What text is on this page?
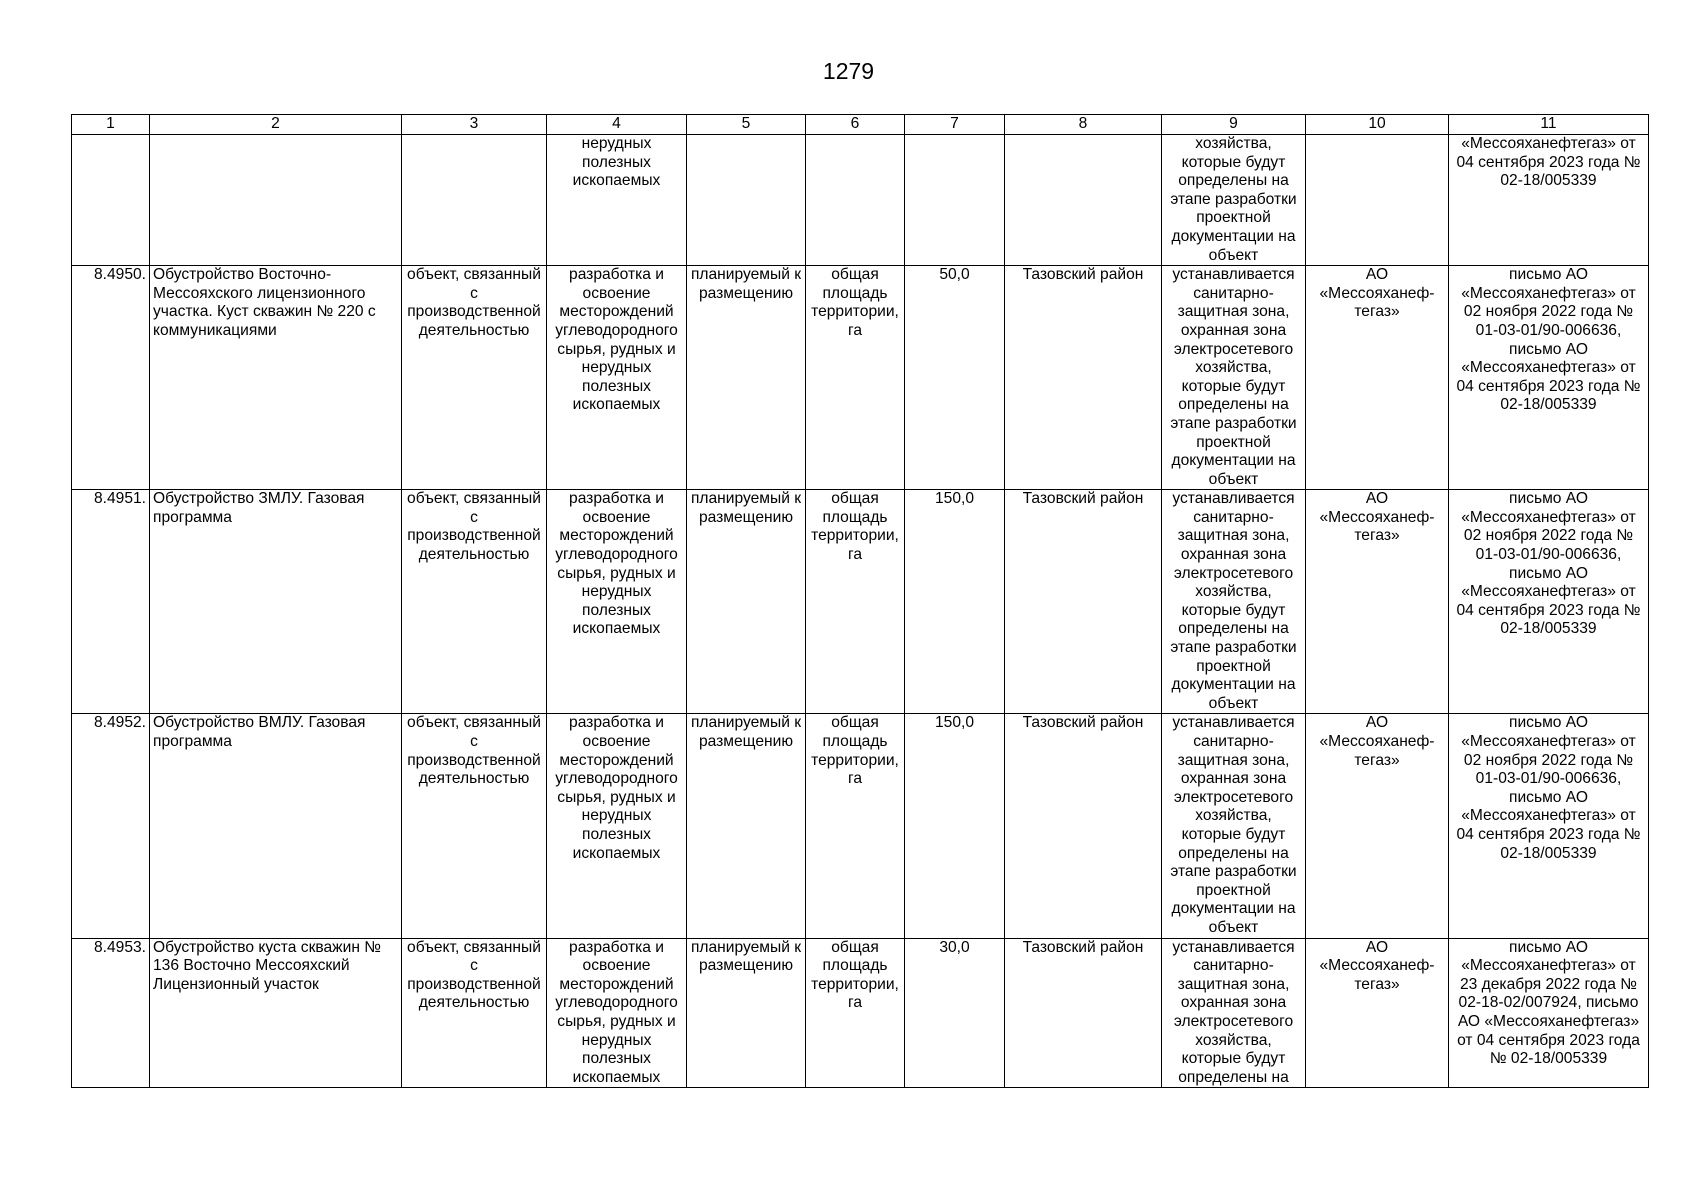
1279
1	2	3	4	5	6	7	8	9	10	11
			нерудных полезных ископаемых					хозяйства, которые будут определены на этапе разработки проектной документации на объект		«Мессояханефтегаз» от 04 сентября 2023 года № 02-18/005339
8.4950.	Обустройство Восточно-Мессояхского лицензионного участка. Куст скважин № 220 с коммуникациями	объект, связанный с производственной деятельностью	разработка и освоение месторождений углеводородного сырья, рудных и нерудных полезных ископаемых	планируемый к размещению	общая площадь территории, га	50,0	Тазовский район	устанавливается санитарно-защитная зона, охранная зона электросетевого хозяйства, которые будут определены на этапе разработки проектной документации на объект	АО «Мессояханеф-тегаз»	письмо АО «Мессояханефтегаз» от 02 ноября 2022 года № 01-03-01/90-006636, письмо АО «Мессояханефтегаз» от 04 сентября 2023 года № 02-18/005339
8.4951.	Обустройство ЗМЛУ. Газовая программа	объект, связанный с производственной деятельностью	разработка и освоение месторождений углеводородного сырья, рудных и нерудных полезных ископаемых	планируемый к размещению	общая площадь территории, га	150,0	Тазовский район	устанавливается санитарно-защитная зона, охранная зона электросетевого хозяйства, которые будут определены на этапе разработки проектной документации на объект	АО «Мессояханеф-тегаз»	письмо АО «Мессояханефтегаз» от 02 ноября 2022 года № 01-03-01/90-006636, письмо АО «Мессояханефтегаз» от 04 сентября 2023 года № 02-18/005339
8.4952.	Обустройство ВМЛУ. Газовая программа	объект, связанный с производственной деятельностью	разработка и освоение месторождений углеводородного сырья, рудных и нерудных полезных ископаемых	планируемый к размещению	общая площадь территории, га	150,0	Тазовский район	устанавливается санитарно-защитная зона, охранная зона электросетевого хозяйства, которые будут определены на этапе разработки проектной документации на объект	АО «Мессояханеф-тегаз»	письмо АО «Мессояханефтегаз» от 02 ноября 2022 года № 01-03-01/90-006636, письмо АО «Мессояханефтегаз» от 04 сентября 2023 года № 02-18/005339
8.4953.	Обустройство куста скважин № 136 Восточно Мессояхский Лицензионный участок	объект, связанный с производственной деятельностью	разработка и освоение месторождений углеводородного сырья, рудных и нерудных полезных ископаемых	планируемый к размещению	общая площадь территории, га	30,0	Тазовский район	устанавливается санитарно-защитная зона, охранная зона электросетевого хозяйства, которые будут определены на	АО «Мессояханеф-тегаз»	письмо АО «Мессояханефтегаз» от 23 декабря 2022 года № 02-18-02/007924, письмо АО «Мессояханефтегаз» от 04 сентября 2023 года № 02-18/005339
